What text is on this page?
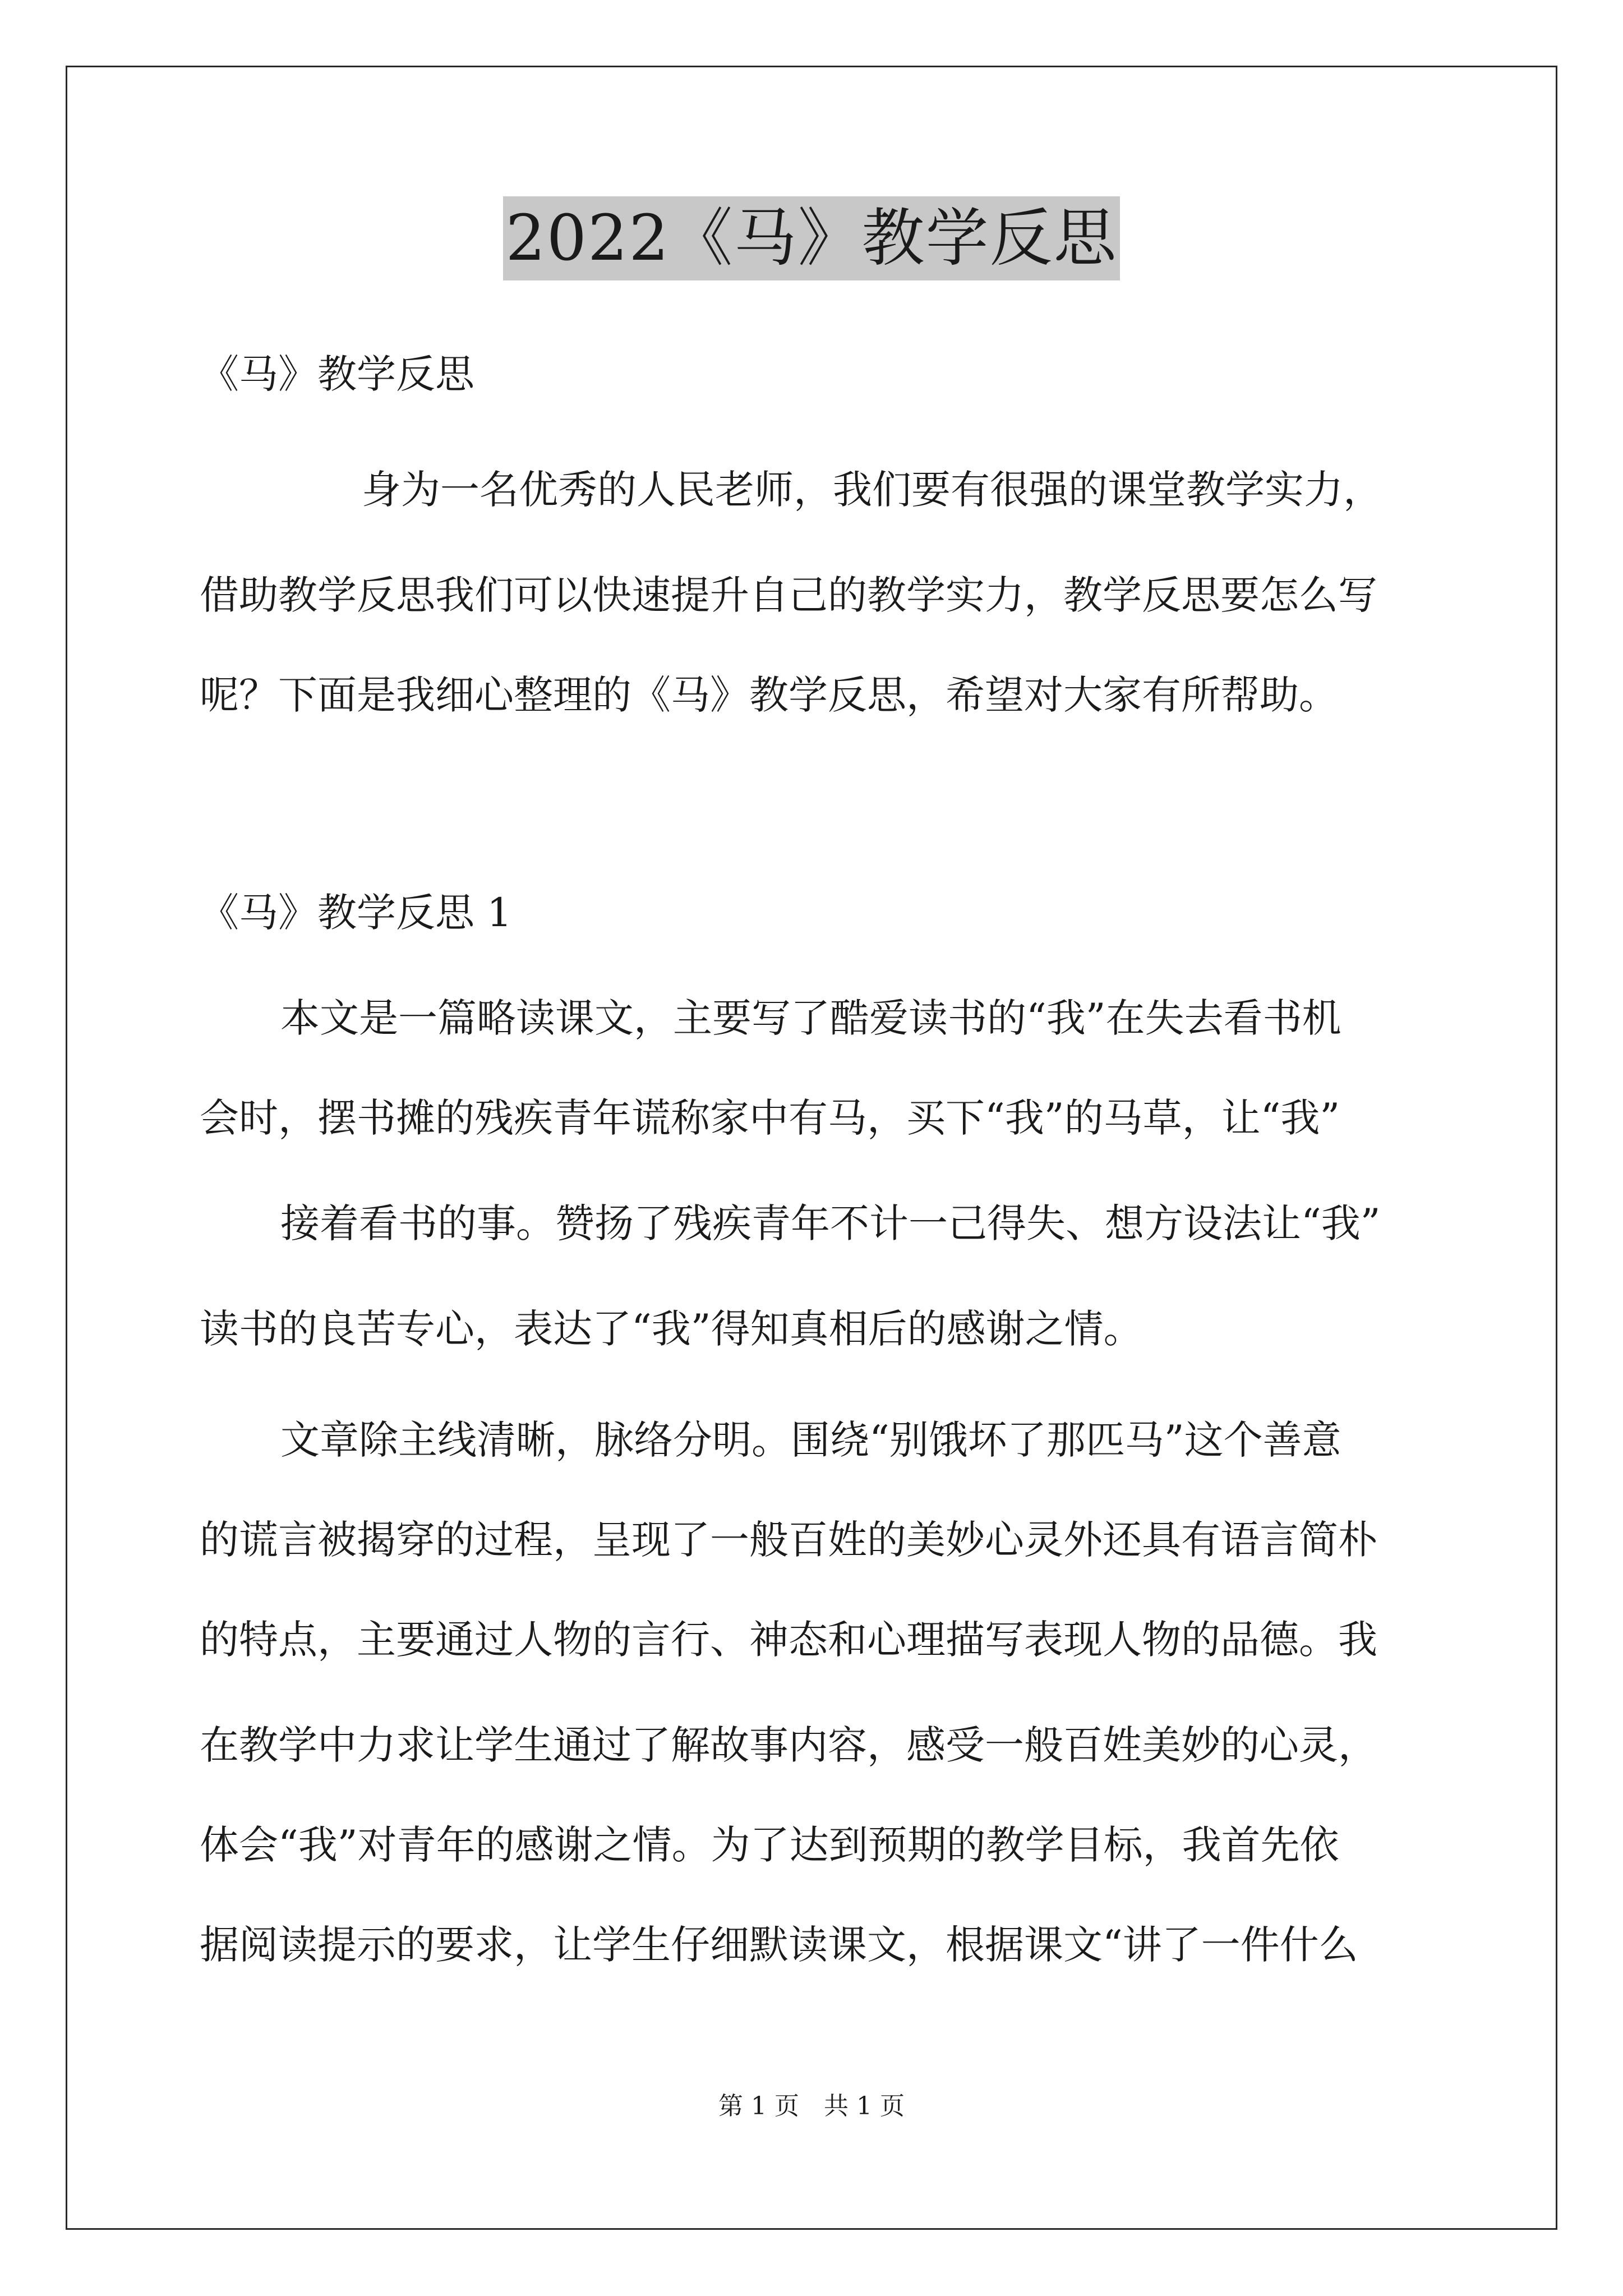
2022《马》教学反思
《马》教学反思
身为一名优秀的人民老师，我们要有很强的课堂教学实力，
借助教学反思我们可以快速提升自己的教学实力，教学反思要怎么写
呢？下面是我细心整理的《马》教学反思，希望对大家有所帮助。
《马》教学反思 1
本文是一篇略读课文，主要写了酷爱读书的“我”在失去看书机
会时，摆书摊的残疾青年谎称家中有马，买下“我”的马草，让“我”
接着看书的事。赞扬了残疾青年不计一己得失、想方设法让“我”
读书的良苦专心，表达了“我”得知真相后的感谢之情。
文章除主线清晰，脉络分明。围绕“别饿坏了那匹马”这个善意
的谎言被揭穿的过程，呈现了一般百姓的美妙心灵外还具有语言简朴
的特点，主要通过人物的言行、神态和心理描写表现人物的品德。我
在教学中力求让学生通过了解故事内容，感受一般百姓美妙的心灵，
体会“我”对青年的感谢之情。为了达到预期的教学目标，我首先依
据阅读提示的要求，让学生仔细默读课文，根据课文“讲了一件什么
第 1 页　共 1 页
